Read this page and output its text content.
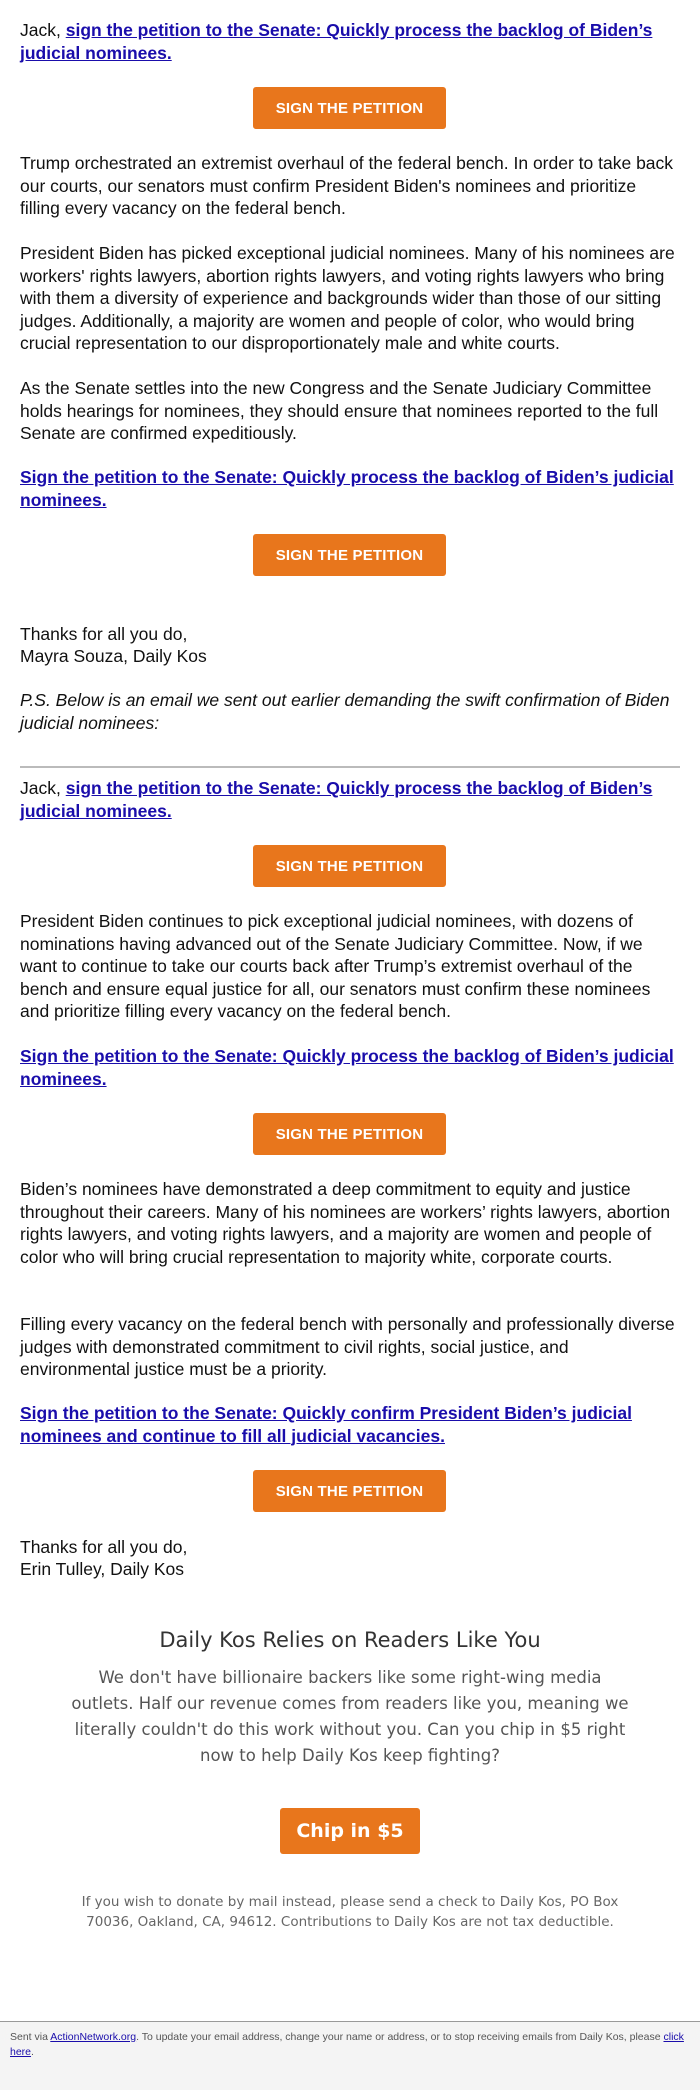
Jack, sign the petition to the Senate: Quickly process the backlog of Biden’s judicial nominees.

SIGN THE PETITION

Trump orchestrated an extremist overhaul of the federal bench. In order to take back our courts, our senators must confirm President Biden's nominees and prioritize filling every vacancy on the federal bench.

President Biden has picked exceptional judicial nominees. Many of his nominees are workers' rights lawyers, abortion rights lawyers, and voting rights lawyers who bring with them a diversity of experience and backgrounds wider than those of our sitting judges. Additionally, a majority are women and people of color, who would bring crucial representation to our disproportionately male and white courts.

As the Senate settles into the new Congress and the Senate Judiciary Committee holds hearings for nominees, they should ensure that nominees reported to the full Senate are confirmed expeditiously.

Sign the petition to the Senate: Quickly process the backlog of Biden’s judicial nominees.

SIGN THE PETITION

Thanks for all you do,

Mayra Souza, Daily Kos

P.S. Below is an email we sent out earlier demanding the swift confirmation of Biden judicial nominees:

Jack, sign the petition to the Senate: Quickly process the backlog of Biden’s judicial nominees.

SIGN THE PETITION

President Biden continues to pick exceptional judicial nominees, with dozens of nominations having advanced out of the Senate Judiciary Committee. Now, if we want to continue to take our courts back after Trump’s extremist overhaul of the bench and ensure equal justice for all, our senators must confirm these nominees and prioritize filling every vacancy on the federal bench.

Sign the petition to the Senate: Quickly process the backlog of Biden’s judicial nominees.

SIGN THE PETITION

Biden’s nominees have demonstrated a deep commitment to equity and justice throughout their careers. Many of his nominees are workers’ rights lawyers, abortion rights lawyers, and voting rights lawyers, and a majority are women and people of color who will bring crucial representation to majority white, corporate courts.

Filling every vacancy on the federal bench with personally and professionally diverse judges with demonstrated commitment to civil rights, social justice, and environmental justice must be a priority.

Sign the petition to the Senate: Quickly confirm President Biden’s judicial nominees and continue to fill all judicial vacancies.

SIGN THE PETITION

Thanks for all you do,

Erin Tulley, Daily Kos

Daily Kos Relies on Readers Like You
We don't have billionaire backers like some right-wing media outlets. Half our revenue comes from readers like you, meaning we literally couldn't do this work without you. Can you chip in $5 right now to help Daily Kos keep fighting?
Chip in $5
If you wish to donate by mail instead, please send a check to Daily Kos, PO Box 70036, Oakland, CA, 94612. Contributions to Daily Kos are not tax deductible.
Sent via ActionNetwork.org. To update your email address, change your name or address, or to stop receiving emails from Daily Kos, please click here.
